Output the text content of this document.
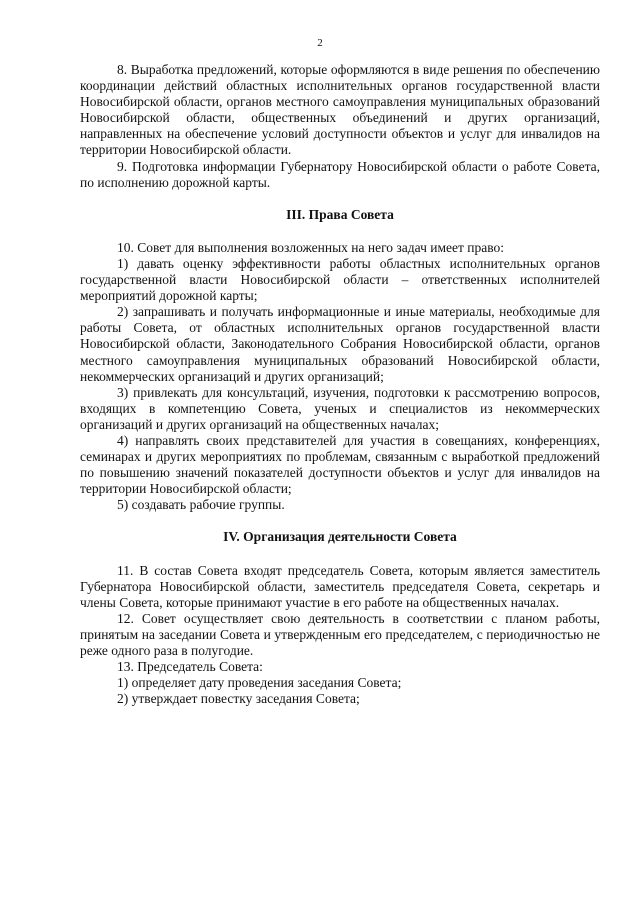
2

8. Выработка предложений, которые оформляются в виде решения по обеспечению координации действий областных исполнительных органов государственной власти Новосибирской области, органов местного самоуправления муниципальных образований Новосибирской области, общественных объединений и других организаций, направленных на обеспечение условий доступности объектов и услуг для инвалидов на территории Новосибирской области.

9. Подготовка информации Губернатору Новосибирской области о работе Совета, по исполнению дорожной карты.

III. Права Совета

10. Совет для выполнения возложенных на него задач имеет право:

1) давать оценку эффективности работы областных исполнительных органов государственной власти Новосибирской области – ответственных исполнителей мероприятий дорожной карты;

2) запрашивать и получать информационные и иные материалы, необходимые для работы Совета, от областных исполнительных органов государственной власти Новосибирской области, Законодательного Собрания Новосибирской области, органов местного самоуправления муниципальных образований Новосибирской области, некоммерческих организаций и других организаций;

3) привлекать для консультаций, изучения, подготовки к рассмотрению вопросов, входящих в компетенцию Совета, ученых и специалистов из некоммерческих организаций и других организаций на общественных началах;

4) направлять своих представителей для участия в совещаниях, конференциях, семинарах и других мероприятиях по проблемам, связанным с выработкой предложений по повышению значений показателей доступности объектов и услуг для инвалидов на территории Новосибирской области;

5) создавать рабочие группы.

IV. Организация деятельности Совета

11. В состав Совета входят председатель Совета, которым является заместитель Губернатора Новосибирской области, заместитель председателя Совета, секретарь и члены Совета, которые принимают участие в его работе на общественных началах.

12. Совет осуществляет свою деятельность в соответствии с планом работы, принятым на заседании Совета и утвержденным его председателем, с периодичностью не реже одного раза в полугодие.

13. Председатель Совета:

1) определяет дату проведения заседания Совета;

2) утверждает повестку заседания Совета;
